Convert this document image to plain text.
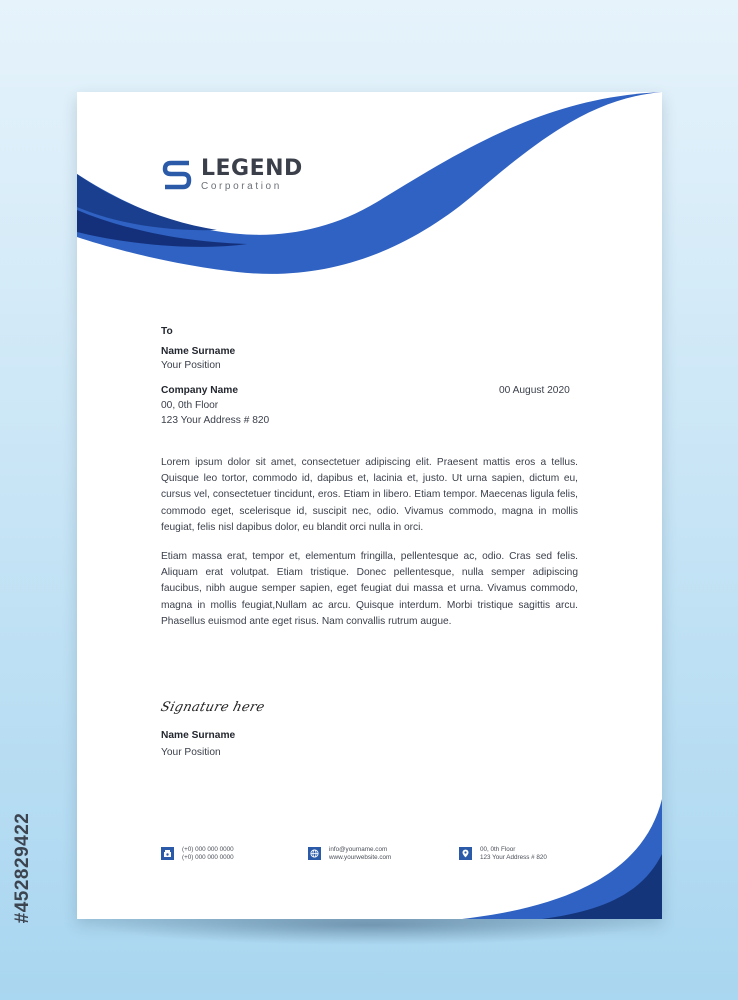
LEGEND
Corporation
To
Name Surname
Your Position
Company Name
00, 0th Floor
123 Your Address # 820
00 August 2020

Lorem ipsum dolor sit amet, consectetuer adipiscing elit. Praesent mattis eros a tellus. Quisque leo tortor, commodo id, dapibus et, lacinia et, justo. Ut urna sapien, dictum eu, cursus vel, consectetuer tincidunt, eros. Etiam in libero. Etiam tempor. Maecenas ligula felis, commodo eget, scelerisque id, suscipit nec, odio. Vivamus commodo, magna in mollis feugiat, felis nisl dapibus dolor, eu blandit orci nulla in orci.

Etiam massa erat, tempor et, elementum fringilla, pellentesque ac, odio. Cras sed felis. Aliquam erat volutpat. Etiam tristique. Donec pellentesque, nulla semper adipiscing faucibus, nibh augue semper sapien, eget feugiat dui massa et urna. Vivamus commodo, magna in mollis feugiat,Nullam ac arcu. Quisque interdum. Morbi tristique sagittis arcu. Phasellus euismod ante eget risus. Nam convallis rutrum augue.

Signature here
Name Surname
Your Position
(+0) 000 000 0000
(+0) 000 000 0000
info@yourname.com
www.yourwebsite.com
00, 0th Floor
123 Your Address # 820
#452829422
